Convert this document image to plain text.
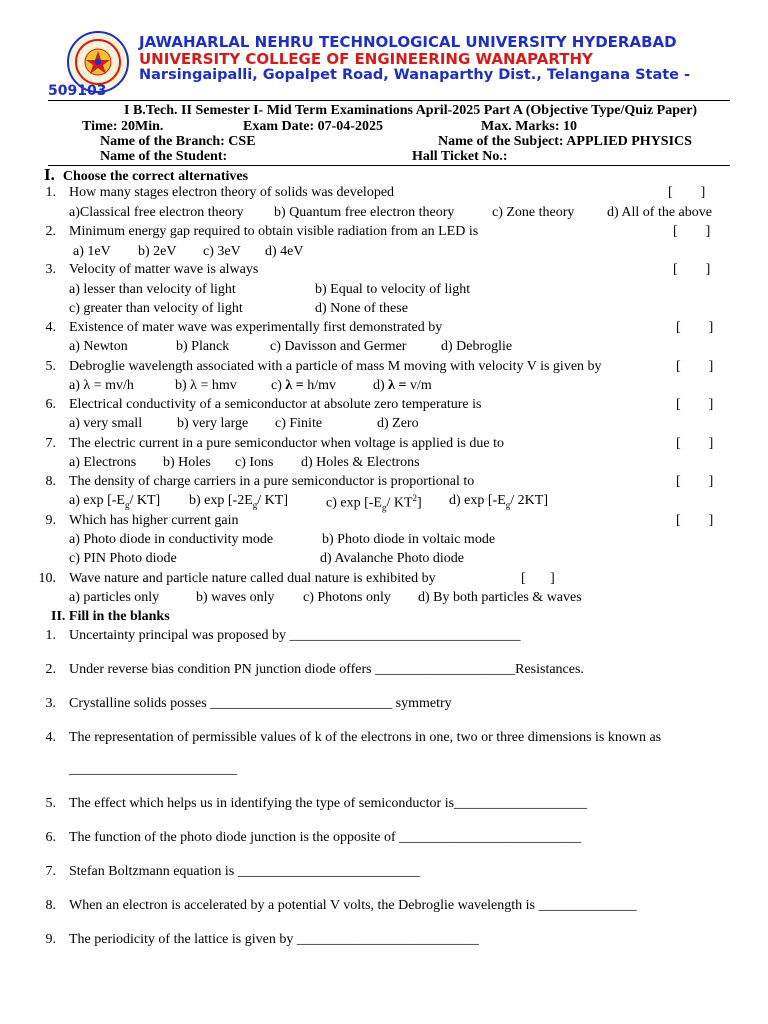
JAWAHARLAL NEHRU TECHNOLOGICAL UNIVERSITY HYDERABAD
UNIVERSITY COLLEGE OF ENGINEERING WANAPARTHY
Narsingaipalli, Gopalpet Road, Wanaparthy Dist., Telangana State -
509103
I B.Tech. II Semester I- Mid Term Examinations April-2025 Part A (Objective Type/Quiz Paper)
Time: 20Min.	Exam Date: 07-04-2025	Max. Marks: 10
Name of the Branch: CSE	Name of the Subject: APPLIED PHYSICS
Name of the Student:	Hall Ticket No.:
I. Choose the correct alternatives
1. How many stages electron theory of solids was developed	[        ]
a)Classical free electron theory b) Quantum free electron theory	c) Zone theory d) All of the above
2. Minimum energy gap required to obtain visible radiation from an LED is	[        ]
a) 1eV b) 2eV c) 3eV d) 4eV
3. Velocity of matter wave is always	[        ]
a) lesser than velocity of light	b) Equal to velocity of light
c) greater than velocity of light	d) None of these
4. Existence of mater wave was experimentally first demonstrated by	[        ]
a) Newton	b) Planck	c) Davisson and Germer d) Debroglie
5. Debroglie wavelength associated with a particle of mass M moving with velocity V is given by	[        ]
a) λ = mv/h	b) λ = hmv c) λ = h/mv	d) λ = v/m
6. Electrical conductivity of a semiconductor at absolute zero temperature is	[        ]
a) very small b) very large c) Finite	d) Zero
7. The electric current in a pure semiconductor when voltage is applied is due to	[        ]
a) Electrons b) Holes c) Ions d) Holes & Electrons
8. The density of charge carriers in a pure semiconductor is proportional to	[        ]
a) $\exp [-E_g/$ KT] b) $\exp [-2E_g/$ KT]	c) $\exp [-E_g/$ $KT^2$] d) $\exp [-E_g/$ 2KT]
9. Which has higher current gain	[        ]
a) Photo diode in conductivity mode	b) Photo diode in voltaic mode
c) PIN Photo diode	d) Avalanche Photo diode
10. Wave nature and particle nature called dual nature is exhibited by	[       ]
a) particles only	b) waves only c) Photons only d) By both particles & waves
II. Fill in the blanks
1. Uncertainty principal was proposed by _________________________________
2. Under reverse bias condition PN junction diode offers ____________________Resistances.
3. Crystalline solids posses __________________________ symmetry
4. The representation of permissible values of k of the electrons in one, two or three dimensions is known as
________________________
5. The effect which helps us in identifying the type of semiconductor is___________________
6. The function of the photo diode junction is the opposite of __________________________
7. Stefan Boltzmann equation is __________________________
8. When an electron is accelerated by a potential V volts, the Debroglie wavelength is ______________
9. The periodicity of the lattice is given by __________________________
